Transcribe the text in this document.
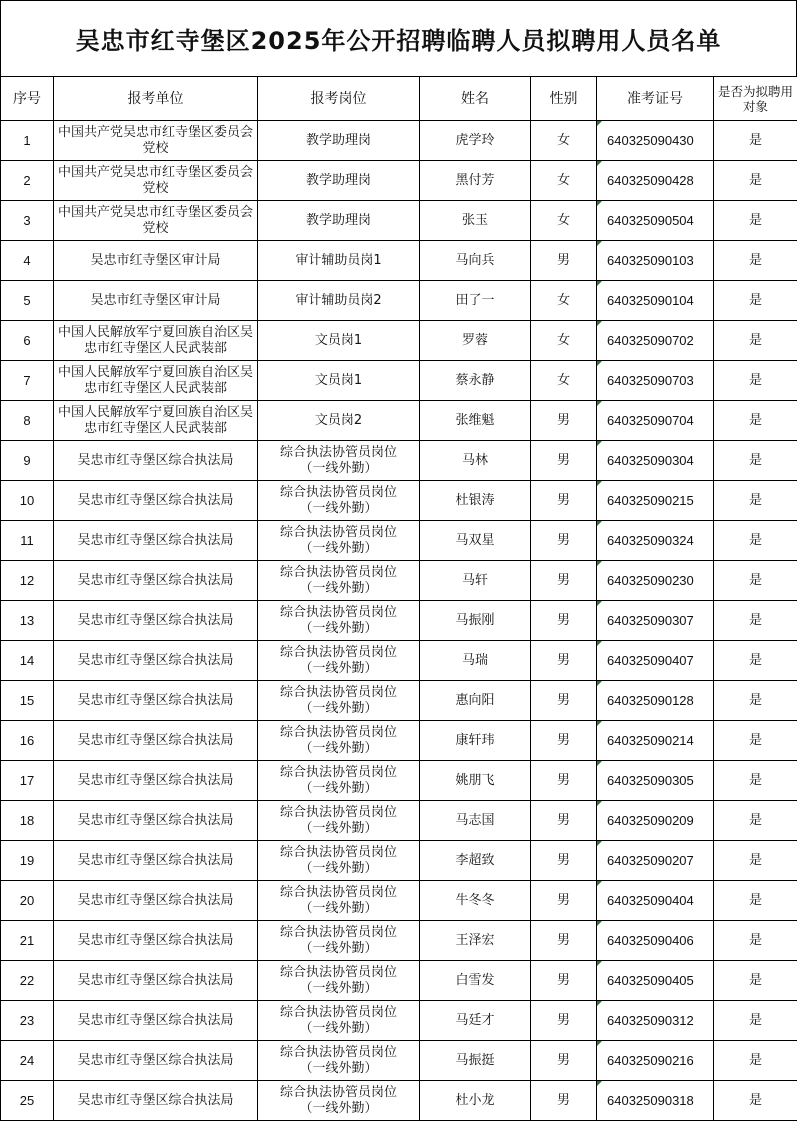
吴忠市红寺堡区2025年公开招聘临聘人员拟聘用人员名单
序号	报考单位	报考岗位	姓名	性别	准考证号	是否为拟聘用对象
1	中国共产党吴忠市红寺堡区委员会党校	教学助理岗	虎学玲	女	640325090430	是
2	中国共产党吴忠市红寺堡区委员会党校	教学助理岗	黑付芳	女	640325090428	是
3	中国共产党吴忠市红寺堡区委员会党校	教学助理岗	张玉	女	640325090504	是
4	吴忠市红寺堡区审计局	审计辅助员岗1	马向兵	男	640325090103	是
5	吴忠市红寺堡区审计局	审计辅助员岗2	田了一	女	640325090104	是
6	中国人民解放军宁夏回族自治区吴忠市红寺堡区人民武装部	文员岗1	罗蓉	女	640325090702	是
7	中国人民解放军宁夏回族自治区吴忠市红寺堡区人民武装部	文员岗1	蔡永静	女	640325090703	是
8	中国人民解放军宁夏回族自治区吴忠市红寺堡区人民武装部	文员岗2	张维魁	男	640325090704	是
9	吴忠市红寺堡区综合执法局	综合执法协管员岗位
（一线外勤）	马林	男	640325090304	是
10	吴忠市红寺堡区综合执法局	综合执法协管员岗位
（一线外勤）	杜银涛	男	640325090215	是
11	吴忠市红寺堡区综合执法局	综合执法协管员岗位
（一线外勤）	马双星	男	640325090324	是
12	吴忠市红寺堡区综合执法局	综合执法协管员岗位
（一线外勤）	马轩	男	640325090230	是
13	吴忠市红寺堡区综合执法局	综合执法协管员岗位
（一线外勤）	马振刚	男	640325090307	是
14	吴忠市红寺堡区综合执法局	综合执法协管员岗位
（一线外勤）	马瑞	男	640325090407	是
15	吴忠市红寺堡区综合执法局	综合执法协管员岗位
（一线外勤）	惠向阳	男	640325090128	是
16	吴忠市红寺堡区综合执法局	综合执法协管员岗位
（一线外勤）	康轩玮	男	640325090214	是
17	吴忠市红寺堡区综合执法局	综合执法协管员岗位
（一线外勤）	姚朋飞	男	640325090305	是
18	吴忠市红寺堡区综合执法局	综合执法协管员岗位
（一线外勤）	马志国	男	640325090209	是
19	吴忠市红寺堡区综合执法局	综合执法协管员岗位
（一线外勤）	李超致	男	640325090207	是
20	吴忠市红寺堡区综合执法局	综合执法协管员岗位
（一线外勤）	牛冬冬	男	640325090404	是
21	吴忠市红寺堡区综合执法局	综合执法协管员岗位
（一线外勤）	王泽宏	男	640325090406	是
22	吴忠市红寺堡区综合执法局	综合执法协管员岗位
（一线外勤）	白雪发	男	640325090405	是
23	吴忠市红寺堡区综合执法局	综合执法协管员岗位
（一线外勤）	马廷才	男	640325090312	是
24	吴忠市红寺堡区综合执法局	综合执法协管员岗位
（一线外勤）	马振挺	男	640325090216	是
25	吴忠市红寺堡区综合执法局	综合执法协管员岗位
（一线外勤）	杜小龙	男	640325090318	是
